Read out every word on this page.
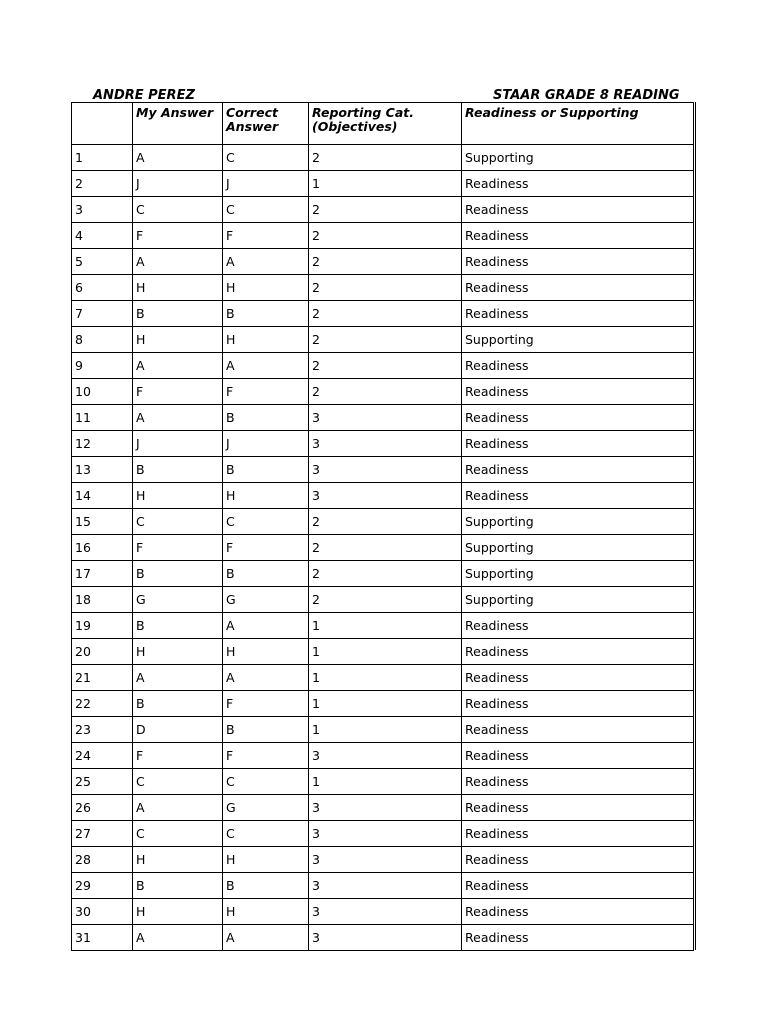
ANDRE PEREZ	STAAR GRADE 8 READING
	My Answer	Correct Answer	Reporting Cat. (Objectives)	Readiness or Supporting
1	A	C	2	Supporting
2	J	J	1	Readiness
3	C	C	2	Readiness
4	F	F	2	Readiness
5	A	A	2	Readiness
6	H	H	2	Readiness
7	B	B	2	Readiness
8	H	H	2	Supporting
9	A	A	2	Readiness
10	F	F	2	Readiness
11	A	B	3	Readiness
12	J	J	3	Readiness
13	B	B	3	Readiness
14	H	H	3	Readiness
15	C	C	2	Supporting
16	F	F	2	Supporting
17	B	B	2	Supporting
18	G	G	2	Supporting
19	B	A	1	Readiness
20	H	H	1	Readiness
21	A	A	1	Readiness
22	B	F	1	Readiness
23	D	B	1	Readiness
24	F	F	3	Readiness
25	C	C	1	Readiness
26	A	G	3	Readiness
27	C	C	3	Readiness
28	H	H	3	Readiness
29	B	B	3	Readiness
30	H	H	3	Readiness
31	A	A	3	Readiness
